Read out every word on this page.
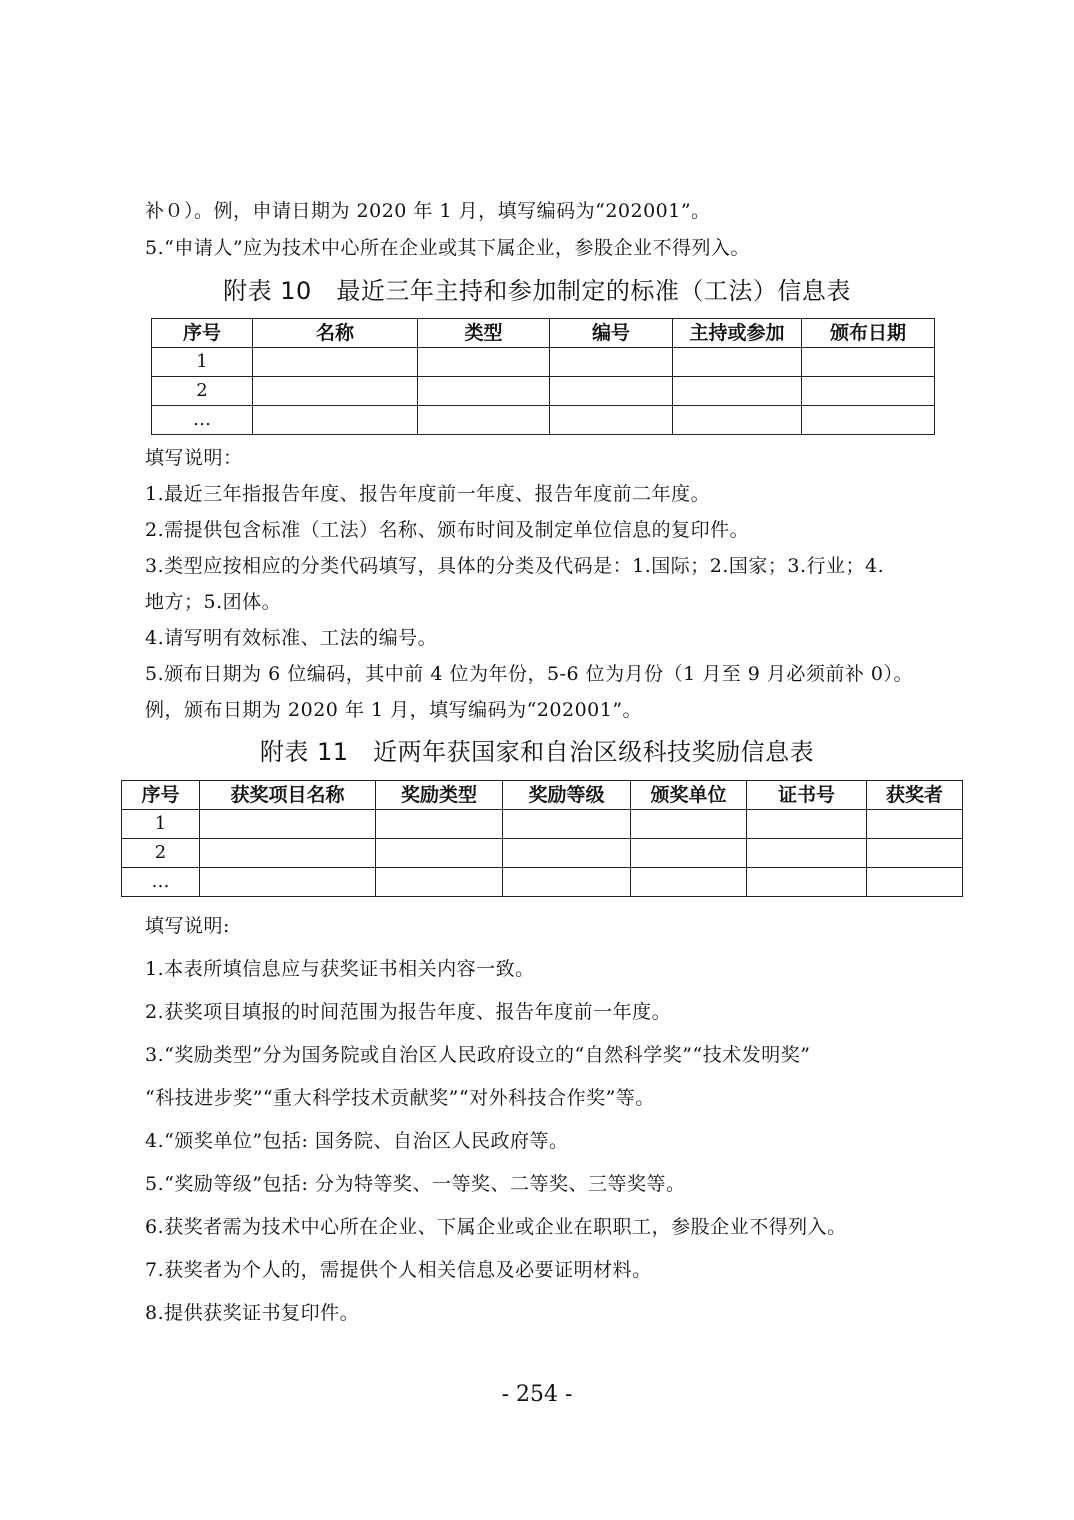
补０）。例，申请日期为 2020 年 1 月，填写编码为“202001”。
5.“申请人”应为技术中心所在企业或其下属企业，参股企业不得列入。
附表 10　最近三年主持和参加制定的标准（工法）信息表
序号	名称	类型	编号	主持或参加	颁布日期
1					
2					
…					
填写说明：
1.最近三年指报告年度、报告年度前一年度、报告年度前二年度。
2.需提供包含标准（工法）名称、颁布时间及制定单位信息的复印件。
3.类型应按相应的分类代码填写，具体的分类及代码是：1.国际；2.国家；3.行业；4.
地方；5.团体。
4.请写明有效标准、工法的编号。
5.颁布日期为 6 位编码，其中前 4 位为年份，5-6 位为月份（1 月至 9 月必须前补 0）。
例，颁布日期为 2020 年 1 月，填写编码为“202001”。
附表 11　近两年获国家和自治区级科技奖励信息表
序号	获奖项目名称	奖励类型	奖励等级	颁奖单位	证书号	获奖者
1						
2						
…						
填写说明:
1.本表所填信息应与获奖证书相关内容一致。
2.获奖项目填报的时间范围为报告年度、报告年度前一年度。
3.“奖励类型”分为国务院或自治区人民政府设立的“自然科学奖”“技术发明奖”
“科技进步奖”“重大科学技术贡献奖”“对外科技合作奖”等。
4.“颁奖单位”包括: 国务院、自治区人民政府等。
5.“奖励等级”包括: 分为特等奖、一等奖、二等奖、三等奖等。
6.获奖者需为技术中心所在企业、下属企业或企业在职职工，参股企业不得列入。
7.获奖者为个人的，需提供个人相关信息及必要证明材料。
8.提供获奖证书复印件。
- 254 -
